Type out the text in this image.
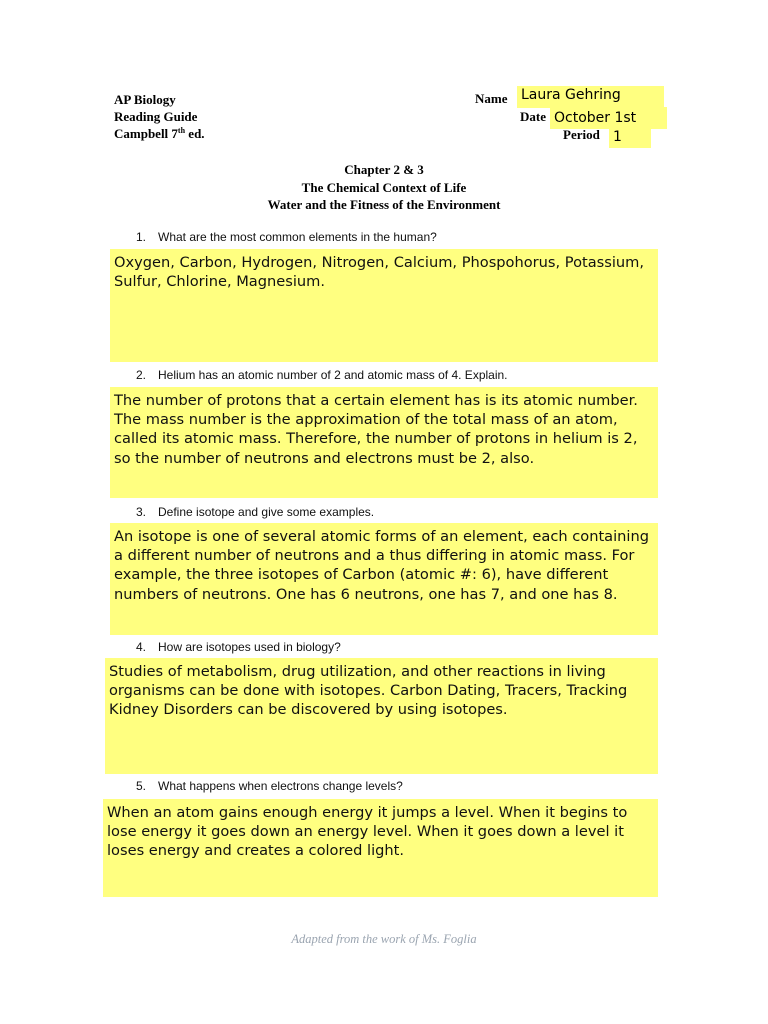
AP Biology
Reading Guide
Campbell 7th ed.
Name Laura Gehring
Date October 1st
Period 1
Chapter 2 & 3
The Chemical Context of Life
Water and the Fitness of the Environment
1. What are the most common elements in the human?
Oxygen, Carbon, Hydrogen, Nitrogen, Calcium, Phospohorus, Potassium, Sulfur, Chlorine, Magnesium.
2. Helium has an atomic number of 2 and atomic mass of 4. Explain.
The number of protons that a certain element has is its atomic number. The mass number is the approximation of the total mass of an atom, called its atomic mass. Therefore, the number of protons in helium is 2, so the number of neutrons and electrons must be 2, also.
3. Define isotope and give some examples.
An isotope is one of several atomic forms of an element, each containing a different number of neutrons and a thus differing in atomic mass. For example, the three isotopes of Carbon (atomic #: 6), have different numbers of neutrons. One has 6 neutrons, one has 7, and one has 8.
4. How are isotopes used in biology?
Studies of metabolism, drug utilization, and other reactions in living organisms can be done with isotopes. Carbon Dating, Tracers, Tracking Kidney Disorders can be discovered by using isotopes.
5. What happens when electrons change levels?
When an atom gains enough energy it jumps a level. When it begins to lose energy it goes down an energy level. When it goes down a level it loses energy and creates a colored light.
Adapted from the work of Ms. Foglia
